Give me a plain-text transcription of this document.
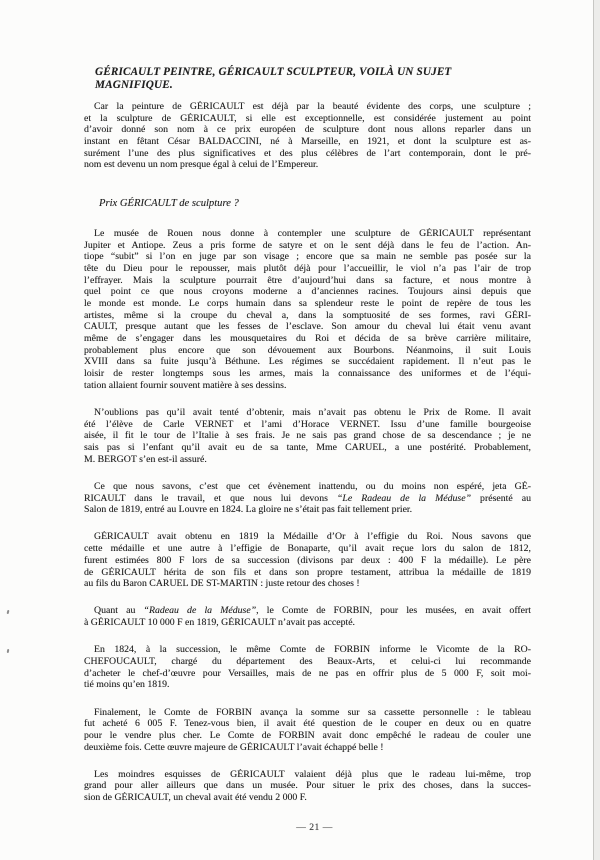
GÉRICAULT PEINTRE, GÉRICAULT SCULPTEUR, VOILÀ UN SUJET
MAGNIFIQUE.

Car la peinture de GÉRICAULT est déjà par la beauté évidente des corps, une sculpture ;
et la sculpture de GÉRICAULT, si elle est exceptionnelle, est considérée justement au point
d’avoir donné son nom à ce prix européen de sculpture dont nous allons reparler dans un
instant en fêtant César BALDACCINI, né à Marseille, en 1921, et dont la sculpture est as-
surément l’une des plus significatives et des plus célèbres de l’art contemporain, dont le pré-
nom est devenu un nom presque égal à celui de l’Empereur.

Prix GÉRICAULT de sculpture ?

Le musée de Rouen nous donne à contempler une sculpture de GÉRICAULT représentant
Jupiter et Antiope. Zeus a pris forme de satyre et on le sent déjà dans le feu de l’action. An-
tiope “subit” si l’on en juge par son visage ; encore que sa main ne semble pas posée sur la
tête du Dieu pour le repousser, mais plutôt déjà pour l’accueillir, le viol n’a pas l’air de trop
l’effrayer. Mais la sculpture pourrait être d’aujourd’hui dans sa facture, et nous montre à
quel point ce que nous croyons moderne a d’anciennes racines. Toujours ainsi depuis que
le monde est monde. Le corps humain dans sa splendeur reste le point de repère de tous les
artistes, même si la croupe du cheval a, dans la somptuosité de ses formes, ravi GÉRI-
CAULT, presque autant que les fesses de l’esclave. Son amour du cheval lui était venu avant
même de s’engager dans les mousquetaires du Roi et décida de sa brève carrière militaire,
probablement plus encore que son dévouement aux Bourbons. Néanmoins, il suit Louis
XVIII dans sa fuite jusqu’à Béthune. Les régimes se succédaient rapidement. Il n’eut pas le
loisir de rester longtemps sous les armes, mais la connaissance des uniformes et de l’équi-
tation allaient fournir souvent matière à ses dessins.

N’oublions pas qu’il avait tenté d’obtenir, mais n’avait pas obtenu le Prix de Rome. Il avait
été l’élève de Carle VERNET et l’ami d’Horace VERNET. Issu d’une famille bourgeoise
aisée, il fit le tour de l’Italie à ses frais. Je ne sais pas grand chose de sa descendance ; je ne
sais pas si l’enfant qu’il avait eu de sa tante, Mme CARUEL, a une postérité. Probablement,
M. BERGOT s’en est-il assuré.

Ce que nous savons, c’est que cet évènement inattendu, ou du moins non espéré, jeta GÉ-
RICAULT dans le travail, et que nous lui devons “Le Radeau de la Méduse” présenté au
Salon de 1819, entré au Louvre en 1824. La gloire ne s’était pas fait tellement prier.

GÉRICAULT avait obtenu en 1819 la Médaille d’Or à l’effigie du Roi. Nous savons que
cette médaille et une autre à l’effigie de Bonaparte, qu’il avait reçue lors du salon de 1812,
furent estimées 800 F lors de sa succession (divisons par deux : 400 F la médaille). Le père
de GÉRICAULT hérita de son fils et dans son propre testament, attribua la médaille de 1819
au fils du Baron CARUEL DE ST-MARTIN : juste retour des choses !

Quant au “Radeau de la Méduse”, le Comte de FORBIN, pour les musées, en avait offert
à GÉRICAULT 10 000 F en 1819, GÉRICAULT n’avait pas accepté.

En 1824, à la succession, le même Comte de FORBIN informe le Vicomte de la RO-
CHEFOUCAULT, chargé du département des Beaux-Arts, et celui-ci lui recommande
d’acheter le chef-d’œuvre pour Versailles, mais de ne pas en offrir plus de 5 000 F, soit moi-
tié moins qu’en 1819.

Finalement, le Comte de FORBIN avança la somme sur sa cassette personnelle : le tableau
fut acheté 6 005 F. Tenez-vous bien, il avait été question de le couper en deux ou en quatre
pour le vendre plus cher. Le Comte de FORBIN avait donc empêché le radeau de couler une
deuxième fois. Cette œuvre majeure de GÉRICAULT l’avait échappé belle !

Les moindres esquisses de GÉRICAULT valaient déjà plus que le radeau lui-même, trop
grand pour aller ailleurs que dans un musée. Pour situer le prix des choses, dans la succes-
sion de GÉRICAULT, un cheval avait été vendu 2 000 F.

— 21 —
